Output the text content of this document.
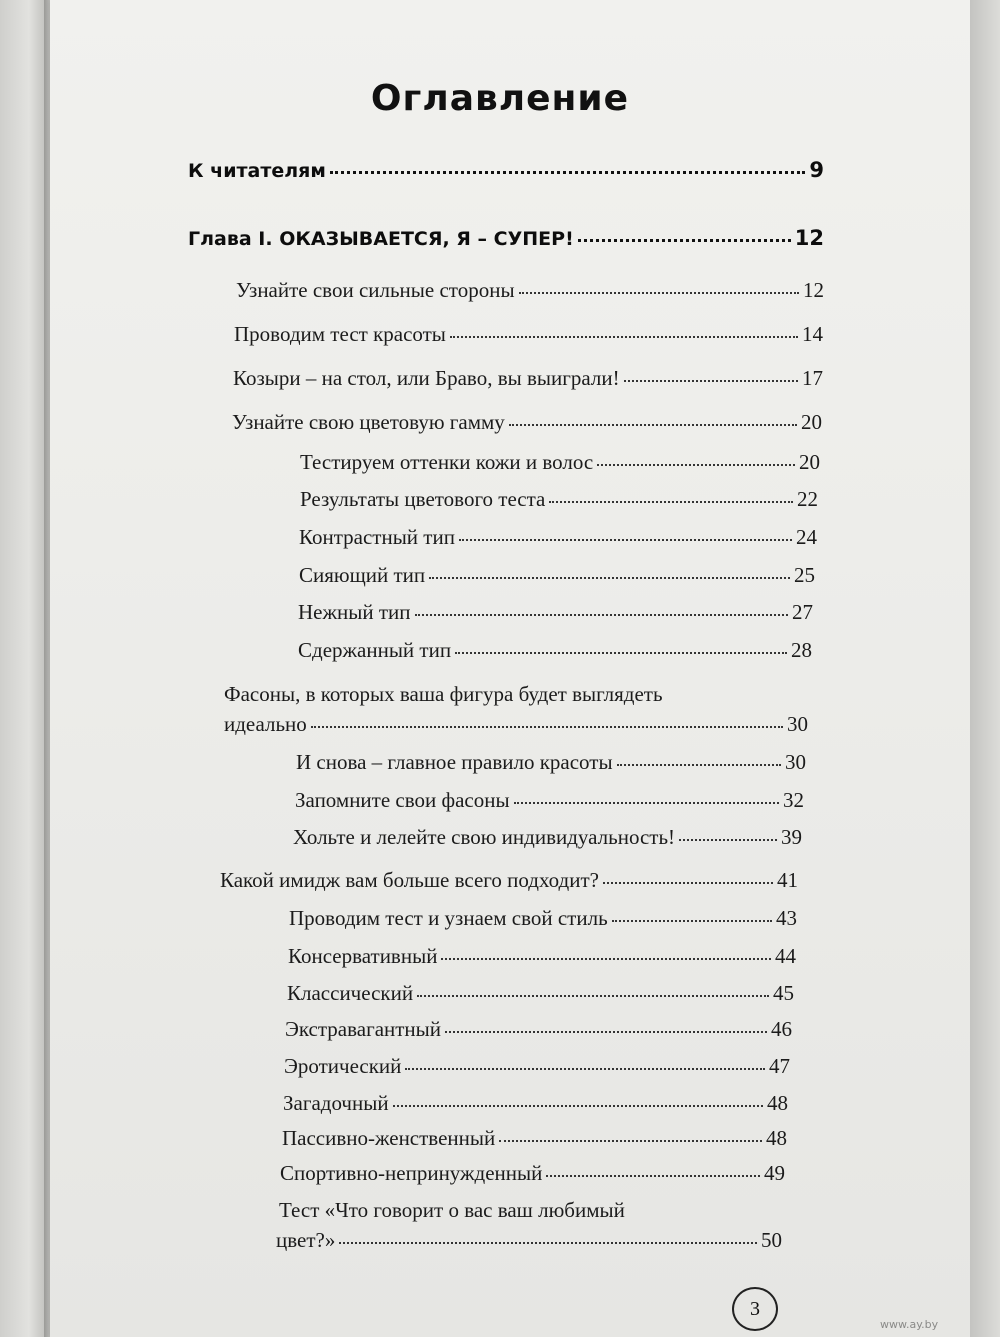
Оглавление
К читателям	9
Глава I. ОКАЗЫВАЕТСЯ, Я – СУПЕР!	12
Узнайте свои сильные стороны	12
Проводим тест красоты	14
Козыри – на стол, или Браво, вы выиграли!	17
Узнайте свою цветовую гамму	20
Тестируем оттенки кожи и волос	20
Результаты цветового теста	22
Контрастный тип	24
Сияющий тип	25
Нежный тип	27
Сдержанный тип	28
Фасоны, в которых ваша фигура будет выглядеть
идеально	30
И снова – главное правило красоты	30
Запомните свои фасоны	32
Хольте и лелейте свою индивидуальность!	39
Какой имидж вам больше всего подходит?	41
Проводим тест и узнаем свой стиль	43
Консервативный	44
Классический	45
Экстравагантный	46
Эротический	47
Загадочный	48
Пассивно-женственный	48
Спортивно-непринужденный	49
Тест «Что говорит о вас ваш любимый
цвет?»	50
3
www.ay.by
